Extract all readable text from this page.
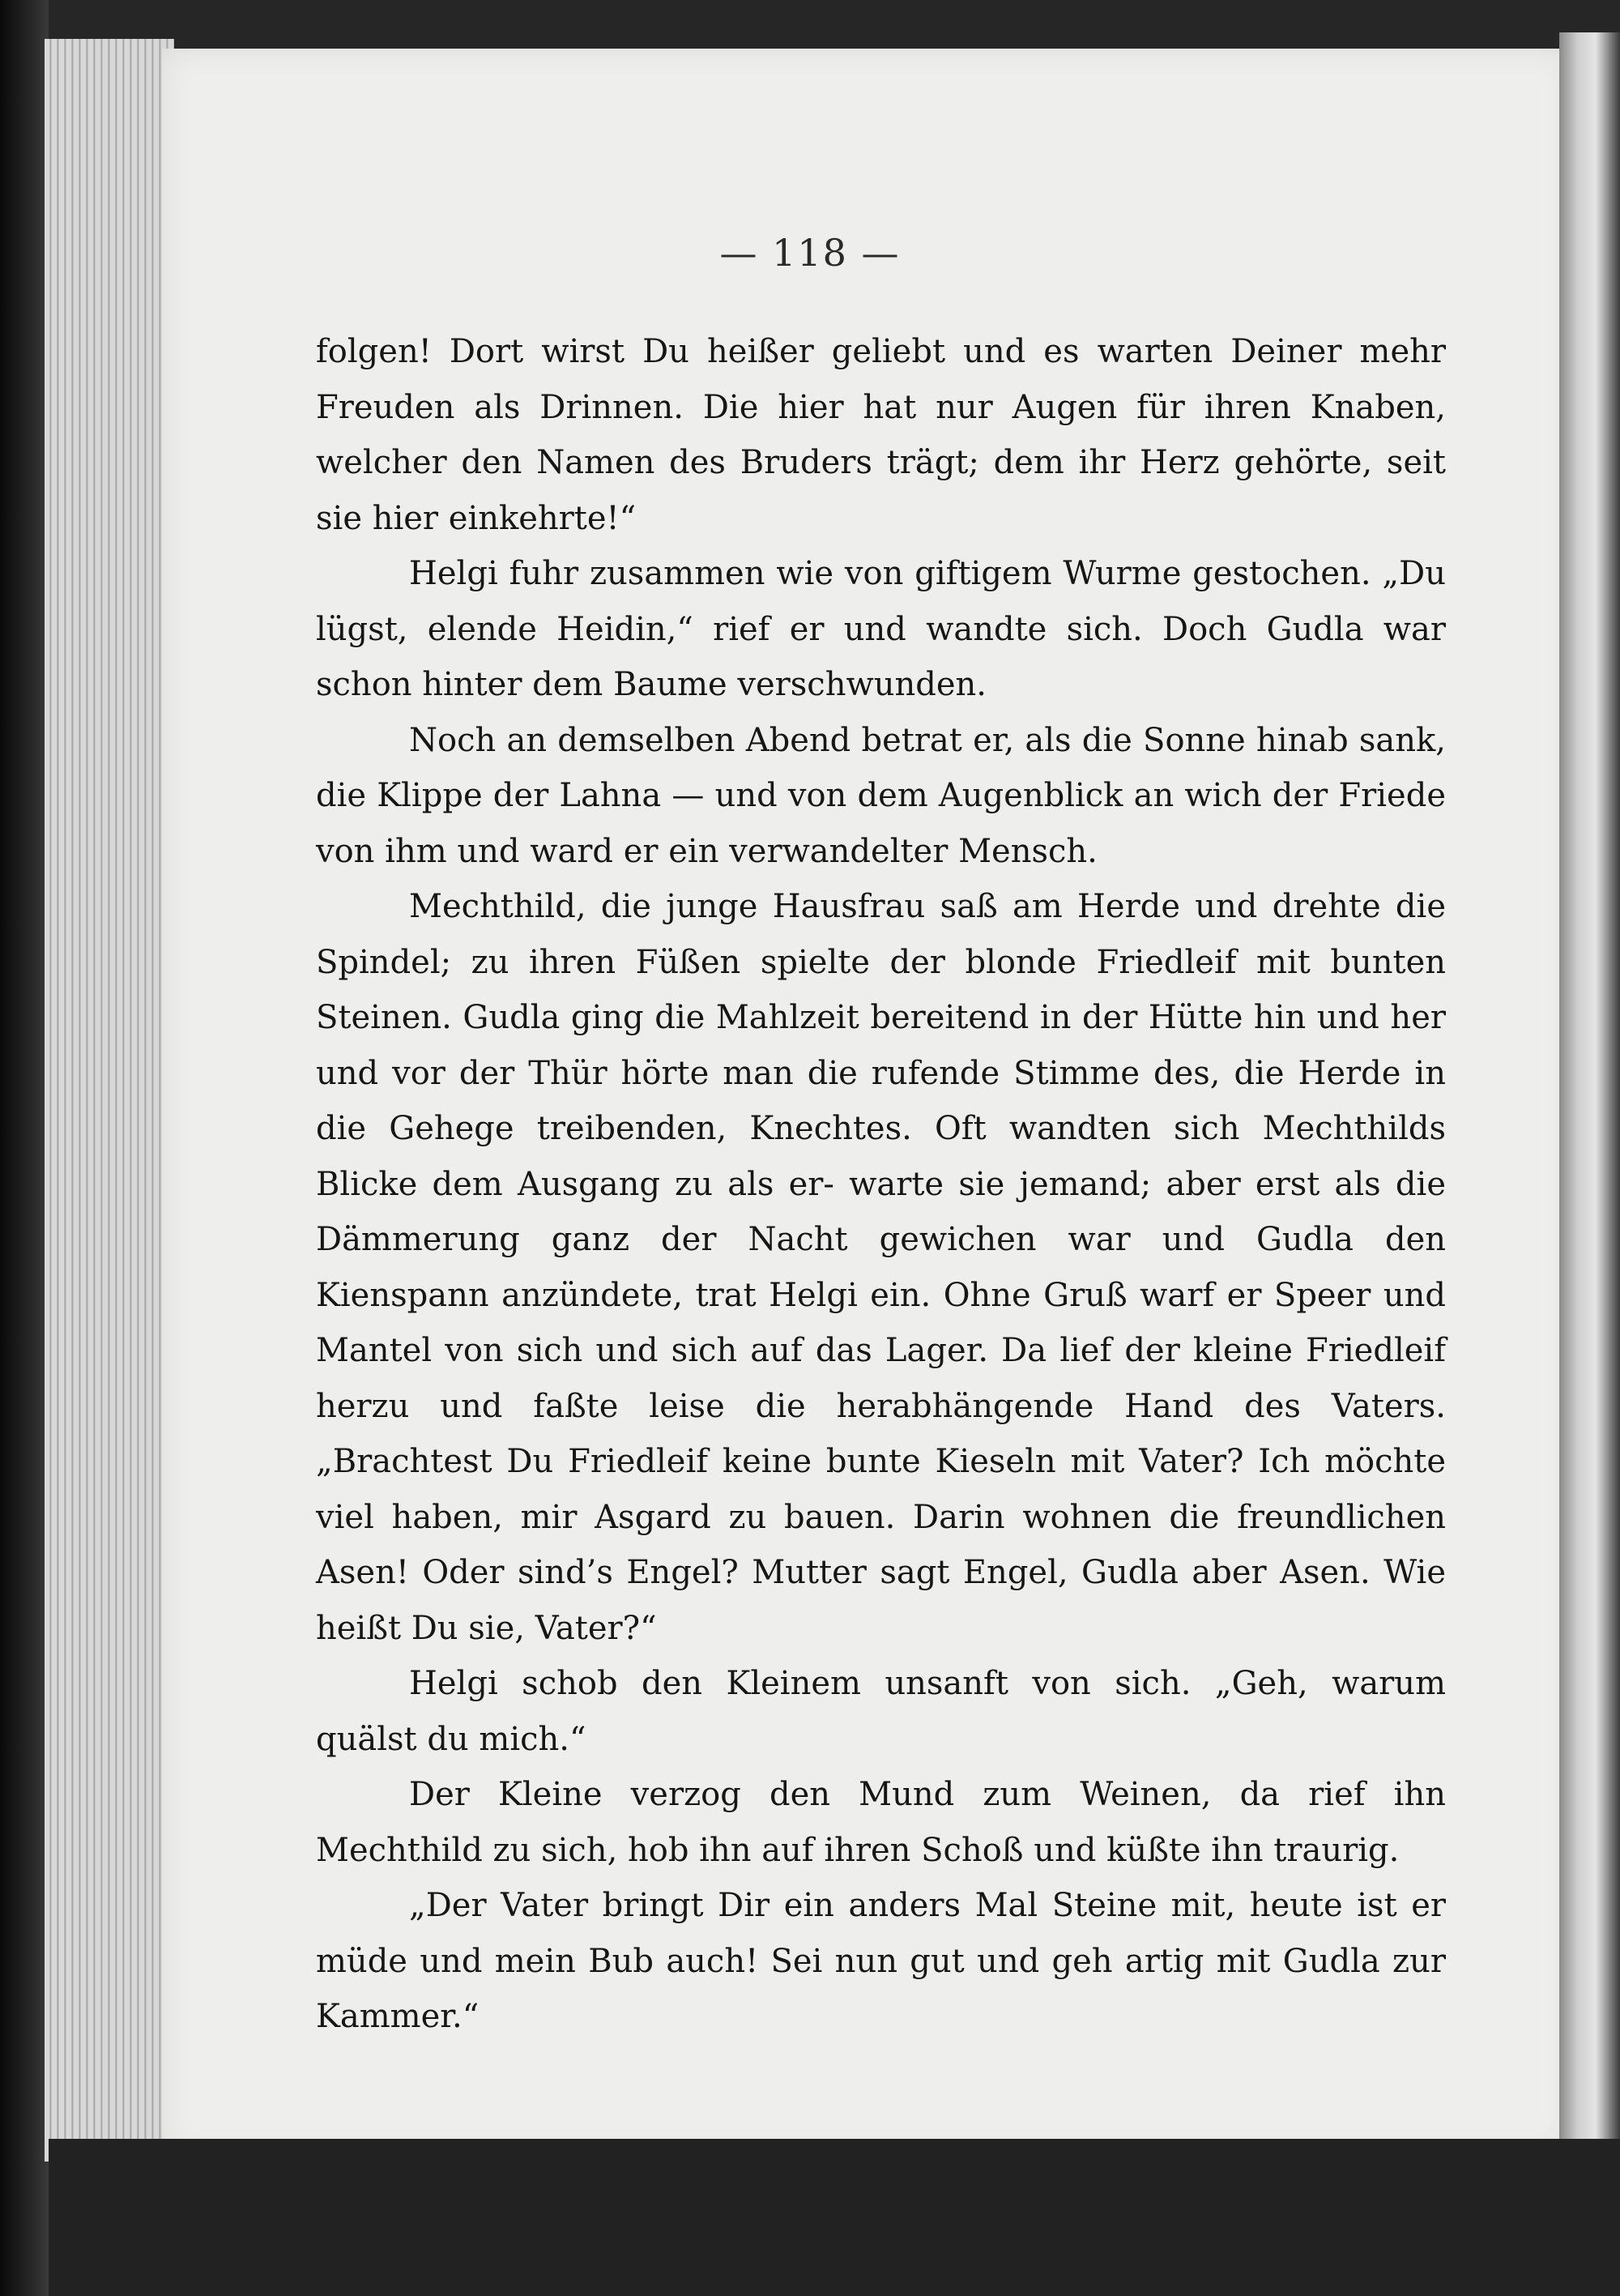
— 118 —

folgen! Dort wirst Du heißer geliebt und es warten Deiner mehr Freuden als Drinnen. Die hier hat nur Augen für ihren Knaben, welcher den Namen des Bruders trägt; dem ihr Herz gehörte, seit sie hier einkehrte!“

Helgi fuhr zusammen wie von giftigem Wurme gestochen. „Du lügst, elende Heidin,“ rief er und wandte sich. Doch Gudla war schon hinter dem Baume verschwunden.

Noch an demselben Abend betrat er, als die Sonne hinab sank, die Klippe der Lahna — und von dem Augenblick an wich der Friede von ihm und ward er ein verwandelter Mensch.

Mechthild, die junge Hausfrau saß am Herde und drehte die Spindel; zu ihren Füßen spielte der blonde Friedleif mit bunten Steinen. Gudla ging die Mahlzeit bereitend in der Hütte hin und her und vor der Thür hörte man die rufende Stimme des, die Herde in die Gehege treibenden, Knechtes. Oft wandten sich Mechthilds Blicke dem Ausgang zu als er- warte sie jemand; aber erst als die Dämmerung ganz der Nacht gewichen war und Gudla den Kienspann anzündete, trat Helgi ein. Ohne Gruß warf er Speer und Mantel von sich und sich auf das Lager. Da lief der kleine Friedleif herzu und faßte leise die herabhängende Hand des Vaters. „Brachtest Du Friedleif keine bunte Kieseln mit Vater? Ich möchte viel haben, mir Asgard zu bauen. Darin wohnen die freundlichen Asen! Oder sind’s Engel? Mutter sagt Engel, Gudla aber Asen. Wie heißt Du sie, Vater?“

Helgi schob den Kleinem unsanft von sich. „Geh, warum quälst du mich.“

Der Kleine verzog den Mund zum Weinen, da rief ihn Mechthild zu sich, hob ihn auf ihren Schoß und küßte ihn traurig.

„Der Vater bringt Dir ein anders Mal Steine mit, heute ist er müde und mein Bub auch! Sei nun gut und geh artig mit Gudla zur Kammer.“
